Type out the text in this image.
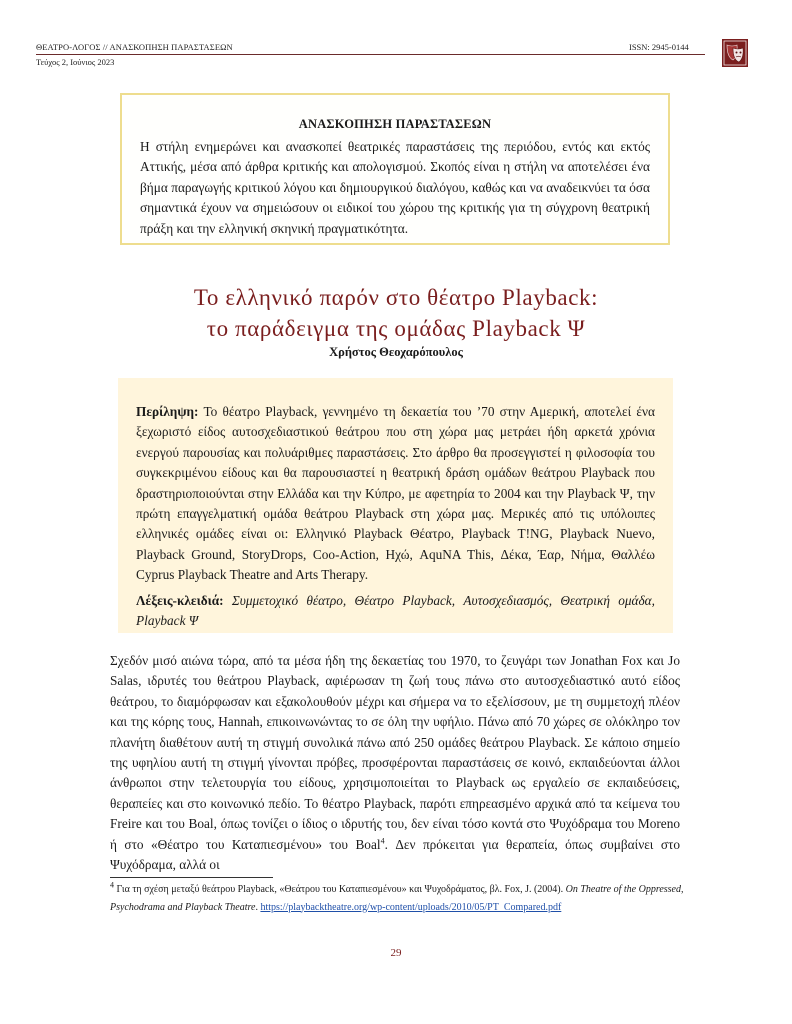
ΘΕΑΤΡΟ-ΛΟΓΟΣ // ΑΝΑΣΚΟΠΗΣΗ ΠΑΡΑΣΤΑΣΕΩΝ	ISSN: 2945-0144
Τεύχος 2, Ιούνιος 2023
ΑΝΑΣΚΟΠΗΣΗ ΠΑΡΑΣΤΑΣΕΩΝ

Η στήλη ενημερώνει και ανασκοπεί θεατρικές παραστάσεις της περιόδου, εντός και εκτός Αττικής, μέσα από άρθρα κριτικής και απολογισμού. Σκοπός είναι η στήλη να αποτελέσει ένα βήμα παραγωγής κριτικού λόγου και δημιουργικού διαλόγου, καθώς και να αναδεικνύει τα όσα σημαντικά έχουν να σημειώσουν οι ειδικοί του χώρου της κριτικής για τη σύγχρονη θεατρική πράξη και την ελληνική σκηνική πραγματικότητα.

Το ελληνικό παρόν στο θέατρο Playback:
το παράδειγμα της ομάδας Playback Ψ
Χρήστος Θεοχαρόπουλος

Περίληψη: Το θέατρο Playback, γεννημένο τη δεκαετία του ’70 στην Αμερική, αποτελεί ένα ξεχωριστό είδος αυτοσχεδιαστικού θεάτρου που στη χώρα μας μετράει ήδη αρκετά χρόνια ενεργού παρουσίας και πολυάριθμες παραστάσεις. Στο άρθρο θα προσεγγιστεί η φιλοσοφία του συγκεκριμένου είδους και θα παρουσιαστεί η θεατρική δράση ομάδων θεάτρου Playback που δραστηριοποιούνται στην Ελλάδα και την Κύπρο, με αφετηρία το 2004 και την Playback Ψ, την πρώτη επαγγελματική ομάδα θεάτρου Playback στη χώρα μας. Μερικές από τις υπόλοιπες ελληνικές ομάδες είναι οι: Ελληνικό Playback Θέατρο, Playback T!NG, Playback Nuevo, Playback Ground, StoryDrops, Coo-Action, Ηχώ, AquNA This, Δέκα, Έαρ, Νήμα, Θαλλέω Cyprus Playback Theatre and Arts Therapy.

Λέξεις-κλειδιά: Συμμετοχικό θέατρο, Θέατρο Playback, Αυτοσχεδιασμός, Θεατρική ομάδα, Playback Ψ

Σχεδόν μισό αιώνα τώρα, από τα μέσα ήδη της δεκαετίας του 1970, το ζευγάρι των Jonathan Fox και Jo Salas, ιδρυτές του θεάτρου Playback, αφιέρωσαν τη ζωή τους πάνω στο αυτοσχεδιαστικό αυτό είδος θεάτρου, το διαμόρφωσαν και εξακολουθούν μέχρι και σήμερα να το εξελίσσουν, με τη συμμετοχή πλέον και της κόρης τους, Hannah, επικοινωνώντας το σε όλη την υφήλιο. Πάνω από 70 χώρες σε ολόκληρο τον πλανήτη διαθέτουν αυτή τη στιγμή συνολικά πάνω από 250 ομάδες θεάτρου Playback. Σε κάποιο σημείο της υφηλίου αυτή τη στιγμή γίνονται πρόβες, προσφέρονται παραστάσεις σε κοινό, εκπαιδεύονται άλλοι άνθρωποι στην τελετουργία του είδους, χρησιμοποιείται το Playback ως εργαλείο σε εκπαιδεύσεις, θεραπείες και στο κοινωνικό πεδίο. Το θέατρο Playback, παρότι επηρεασμένο αρχικά από τα κείμενα του Freire και του Boal, όπως τονίζει ο ίδιος ο ιδρυτής του, δεν είναι τόσο κοντά στο Ψυχόδραμα του Moreno ή στο «Θέατρο του Καταπιεσμένου» του Boal$^4$. Δεν πρόκειται για θεραπεία, όπως συμβαίνει στο Ψυχόδραμα, αλλά οι

$^4$ Για τη σχέση μεταξύ θεάτρου Playback, «Θεάτρου του Καταπιεσμένου» και Ψυχοδράματος, βλ. Fox, J. (2004). On Theatre of the Oppressed, Psychodrama and Playback Theatre. https://playbacktheatre.org/wp-content/uploads/2010/05/PT_Compared.pdf

29
